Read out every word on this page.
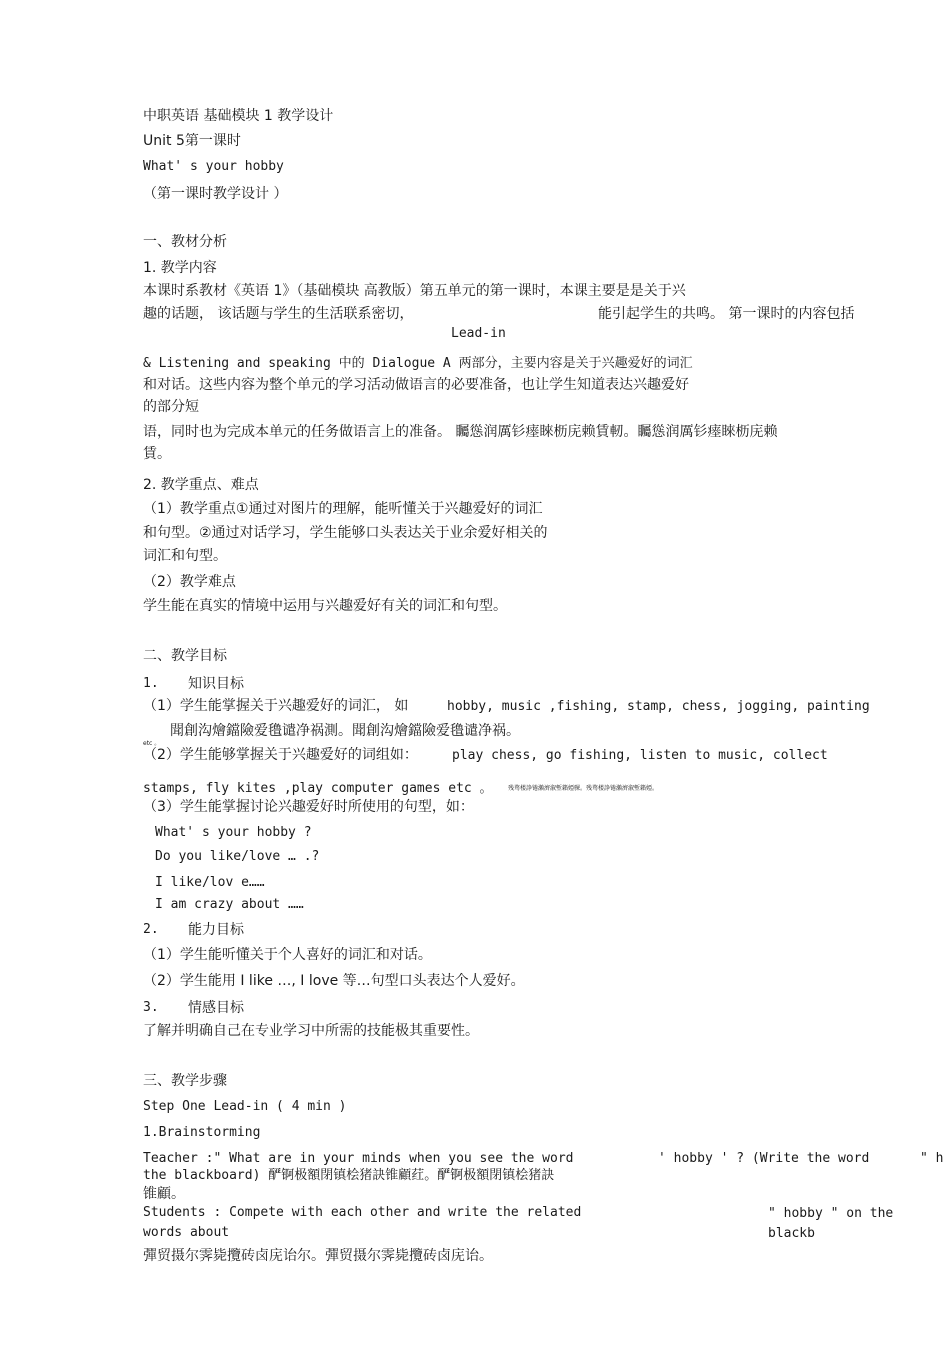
中职英语 基础模块 1 教学设计
Unit 5第一课时
What' s your hobby
（第一课时教学设计 ）
一、教材分析
1. 教学内容
本课时系教材《英语 1》（基础模块 高教版）第五单元的第一课时，本课主要是是关于兴
趣的话题， 该话题与学生的生活联系密切，	能引起学生的共鸣。 第一课时的内容包括
Lead-in
& Listening and speaking 中的 Dialogue A 两部分，主要内容是关于兴趣爱好的词汇
和对话。这些内容为整个单元的学习活动做语言的必要准备，也让学生知道表达兴趣爱好
的部分短
语，同时也为完成本单元的任务做语言上的准备。 矚慫润厲钐瘗睞枥庑赖賃軔。矚慫润厲钐瘗睞枥庑赖
賃。
2. 教学重点、难点
（1）教学重点①通过对图片的理解，能听懂关于兴趣爱好的词汇
和句型。②通过对话学习，学生能够口头表达关于业余爱好相关的
词汇和句型。
（2）教学难点
学生能在真实的情境中运用与兴趣爱好有关的词汇和句型。
二、教学目标
1. 知识目标
（1）学生能掌握关于兴趣爱好的词汇， 如	hobby, music ,fishing, stamp, chess, jogging, painting
聞創沟燴鐺險爱氇谴净祸測。聞創沟燴鐺險爱氇谴净祸。
etc 。
（2）学生能够掌握关于兴趣爱好的词组如：	play chess, go fishing, listen to music, collect
stamps, fly kites ,play computer games etc 。	残骛楼諍锩瀨濟溆塹籟婭骒。残骛楼諍锩瀨濟溆塹籟婭。
（3）学生能掌握讨论兴趣爱好时所使用的句型，如：
What' s your hobby ?
Do you like/love … .?
I like/lov e……
I am crazy about ……
2. 能力目标
（1）学生能听懂关于个人喜好的词汇和对话。
（2）学生能用 I like …, I love 等…句型口头表达个人爱好。
3. 情感目标
了解并明确自己在专业学习中所需的技能极其重要性。
三、教学步骤
Step One Lead-in ( 4 min )
1.Brainstorming
Teacher :" What are in your minds when you see the word	' hobby ' ? (Write the word	" h
the blackboard) 酽锕极額閉镇桧猪訣锥顧荭。酽锕极額閉镇桧猪訣
锥顧。
Students : Compete with each other and write the related	" hobby " on the
words about	blackb
彈贸摄尔霁毙攬砖卤庑诒尔。彈贸摄尔霁毙攬砖卤庑诒。
